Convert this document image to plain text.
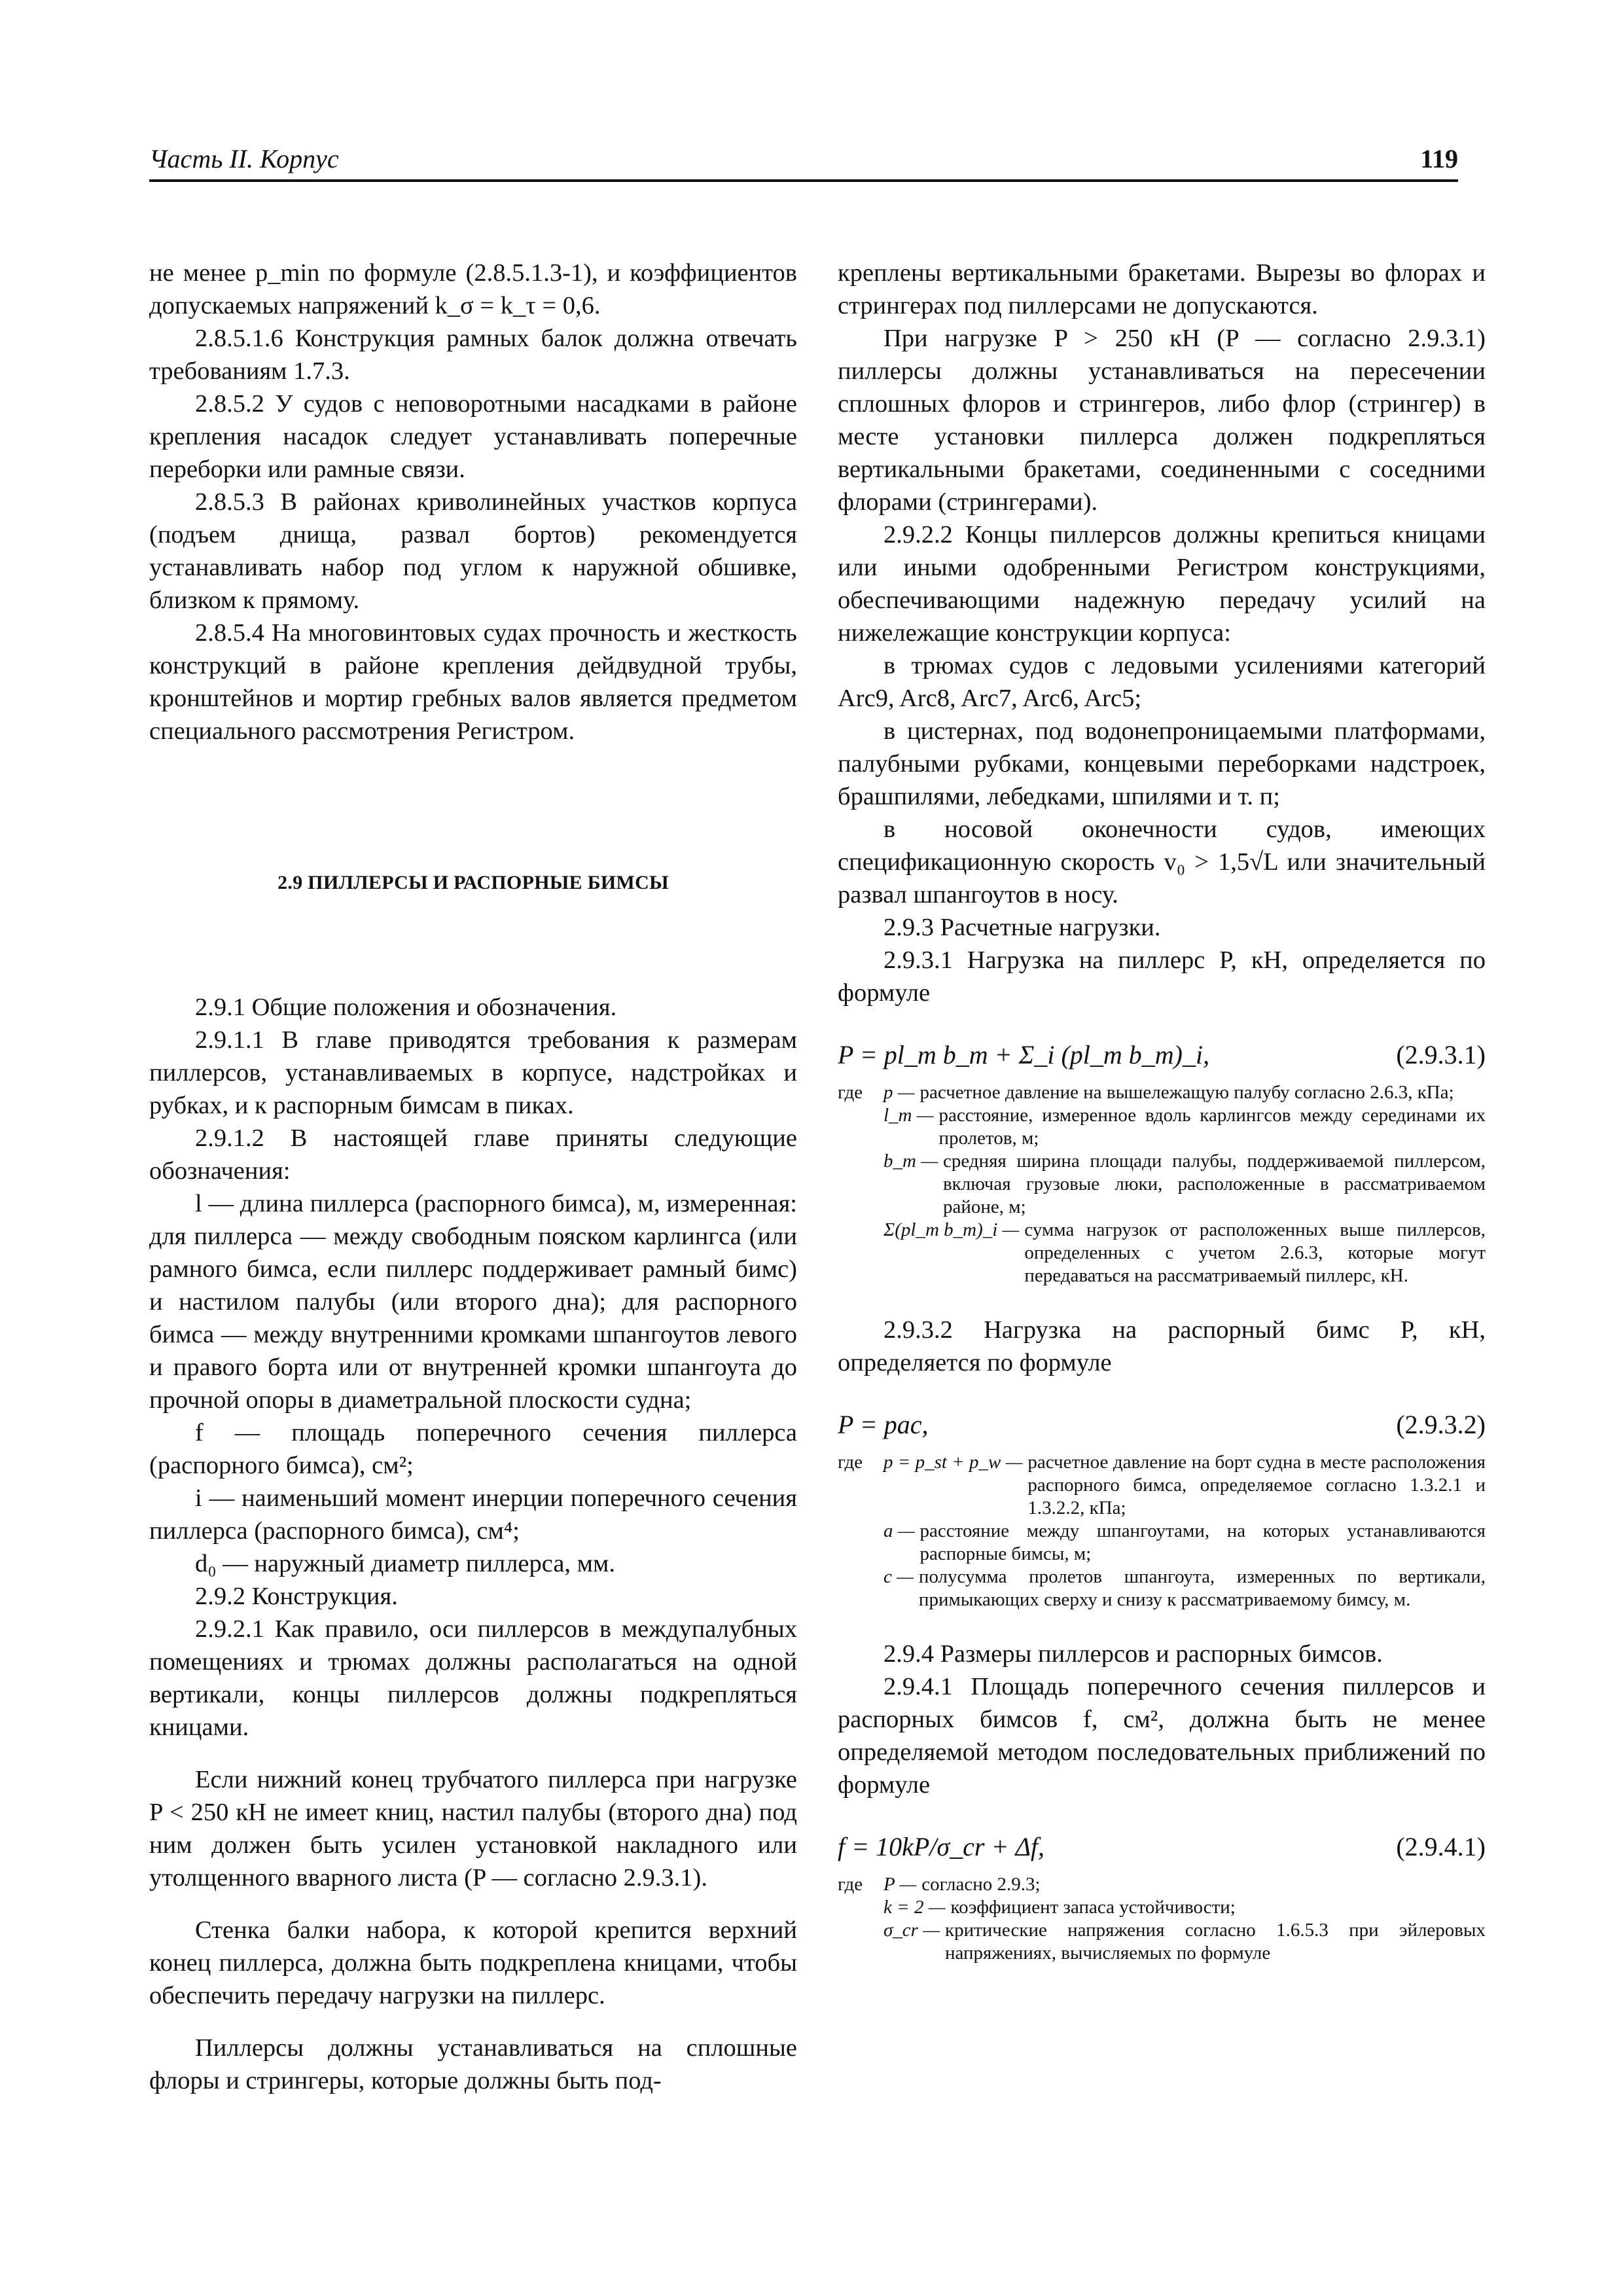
Часть II. Корпус	119

не менее p_min по формуле (2.8.5.1.3-1), и коэффициентов допускаемых напряжений k_σ = k_τ = 0,6.

2.8.5.1.6 Конструкция рамных балок должна отвечать требованиям 1.7.3.

2.8.5.2 У судов с неповоротными насадками в районе крепления насадок следует устанавливать поперечные переборки или рамные связи.

2.8.5.3 В районах криволинейных участков корпуса (подъем днища, развал бортов) рекомендуется устанавливать набор под углом к наружной обшивке, близком к прямому.

2.8.5.4 На многовинтовых судах прочность и жесткость конструкций в районе крепления дейдвудной трубы, кронштейнов и мортир гребных валов является предметом специального рассмотрения Регистром.

2.9 ПИЛЛЕРСЫ И РАСПОРНЫЕ БИМСЫ

2.9.1 Общие положения и обозначения.

2.9.1.1 В главе приводятся требования к размерам пиллерсов, устанавливаемых в корпусе, надстройках и рубках, и к распорным бимсам в пиках.

2.9.1.2 В настоящей главе приняты следующие обозначения:

l — длина пиллерса (распорного бимса), м, измеренная: для пиллерса — между свободным пояском карлингса (или рамного бимса, если пиллерс поддерживает рамный бимс) и настилом палубы (или второго дна); для распорного бимса — между внутренними кромками шпангоутов левого и правого борта или от внутренней кромки шпангоута до прочной опоры в диаметральной плоскости судна;

f — площадь поперечного сечения пиллерса (распорного бимса), см²;

i — наименьший момент инерции поперечного сечения пиллерса (распорного бимса), см⁴;

d₀ — наружный диаметр пиллерса, мм.

2.9.2 Конструкция.

2.9.2.1 Как правило, оси пиллерсов в междупалубных помещениях и трюмах должны располагаться на одной вертикали, концы пиллерсов должны подкрепляться кницами.

Если нижний конец трубчатого пиллерса при нагрузке P < 250 кН не имеет книц, настил палубы (второго дна) под ним должен быть усилен установкой накладного или утолщенного вварного листа (P — согласно 2.9.3.1).

Стенка балки набора, к которой крепится верхний конец пиллерса, должна быть подкреплена кницами, чтобы обеспечить передачу нагрузки на пиллерс.

Пиллерсы должны устанавливаться на сплошные флоры и стрингеры, которые должны быть под-

креплены вертикальными бракетами. Вырезы во флорах и стрингерах под пиллерсами не допускаются.

При нагрузке P > 250 кН (P — согласно 2.9.3.1) пиллерсы должны устанавливаться на пересечении сплошных флоров и стрингеров, либо флор (стрингер) в месте установки пиллерса должен подкрепляться вертикальными бракетами, соединенными с соседними флорами (стрингерами).

2.9.2.2 Концы пиллерсов должны крепиться кницами или иными одобренными Регистром конструкциями, обеспечивающими надежную передачу усилий на нижележащие конструкции корпуса:

в трюмах судов с ледовыми усилениями категорий Arc9, Arc8, Arc7, Arc6, Arc5;

в цистернах, под водонепроницаемыми платформами, палубными рубками, концевыми переборками надстроек, брашпилями, лебедками, шпилями и т. п;

в носовой оконечности судов, имеющих спецификационную скорость v₀ > 1,5√L или значительный развал шпангоутов в носу.

2.9.3 Расчетные нагрузки.

2.9.3.1 Нагрузка на пиллерс P, кН, определяется по формуле

P = pl_m b_m + Σ_i (pl_m b_m)_i,	(2.9.3.1)
где	p — расчетное давление на вышележащую палубу согласно 2.6.3, кПа;
l_m — расстояние, измеренное вдоль карлингсов между серединами их пролетов, м;
b_m — средняя ширина площади палубы, поддерживаемой пиллерсом, включая грузовые люки, расположенные в рассматриваемом районе, м;
Σ(pl_m b_m)_i — сумма нагрузок от расположенных выше пиллерсов, определенных с учетом 2.6.3, которые могут передаваться на рассматриваемый пиллерс, кН.

2.9.3.2 Нагрузка на распорный бимс P, кН, определяется по формуле

P = pac,	(2.9.3.2)
где	p = p_st + p_w — расчетное давление на борт судна в месте расположения распорного бимса, определяемое согласно 1.3.2.1 и 1.3.2.2, кПа;
a — расстояние между шпангоутами, на которых устанавливаются распорные бимсы, м;
c — полусумма пролетов шпангоута, измеренных по вертикали, примыкающих сверху и снизу к рассматриваемому бимсу, м.

2.9.4 Размеры пиллерсов и распорных бимсов.

2.9.4.1 Площадь поперечного сечения пиллерсов и распорных бимсов f, см², должна быть не менее определяемой методом последовательных приближений по формуле

f = 10kP/σ_cr + Δf,	(2.9.4.1)
где	P — согласно 2.9.3;
k = 2 — коэффициент запаса устойчивости;
σ_cr — критические напряжения согласно 1.6.5.3 при эйлеровых напряжениях, вычисляемых по формуле
